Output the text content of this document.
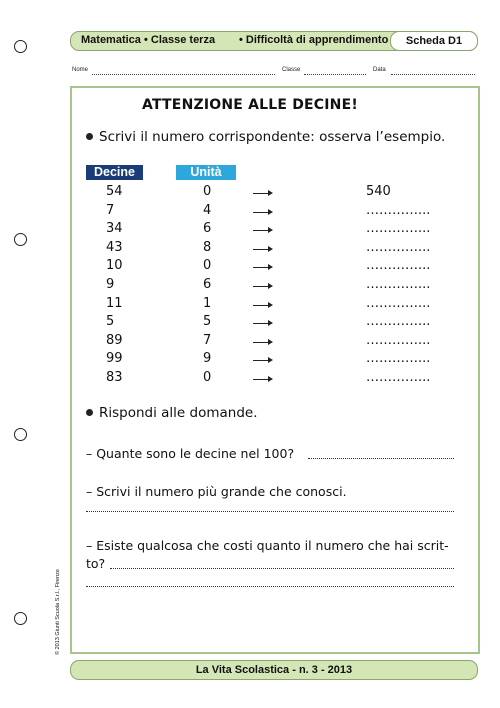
Matematica • Classe terza • Difficoltà di apprendimento	Scheda D1
Nome	Classe	Data
ATTENZIONE ALLE DECINE!
Scrivi il numero corrispondente: osserva l’esempio.
Decine	Unità
54	0	540
7	4	…………...
34	6	…………...
43	8	…………...
10	0	…………...
9	6	…………...
11	1	…………...
5	5	…………...
89	7	…………...
99	9	…………...
83	0	…………...
Rispondi alle domande.
– Quante sono le decine nel 100?
– Scrivi il numero più grande che conosci.
– Esiste qualcosa che costi quanto il numero che hai scrit-
to?
© 2013 Giunti Scuola S.r.l., Firenze
La Vita Scolastica - n. 3 - 2013
